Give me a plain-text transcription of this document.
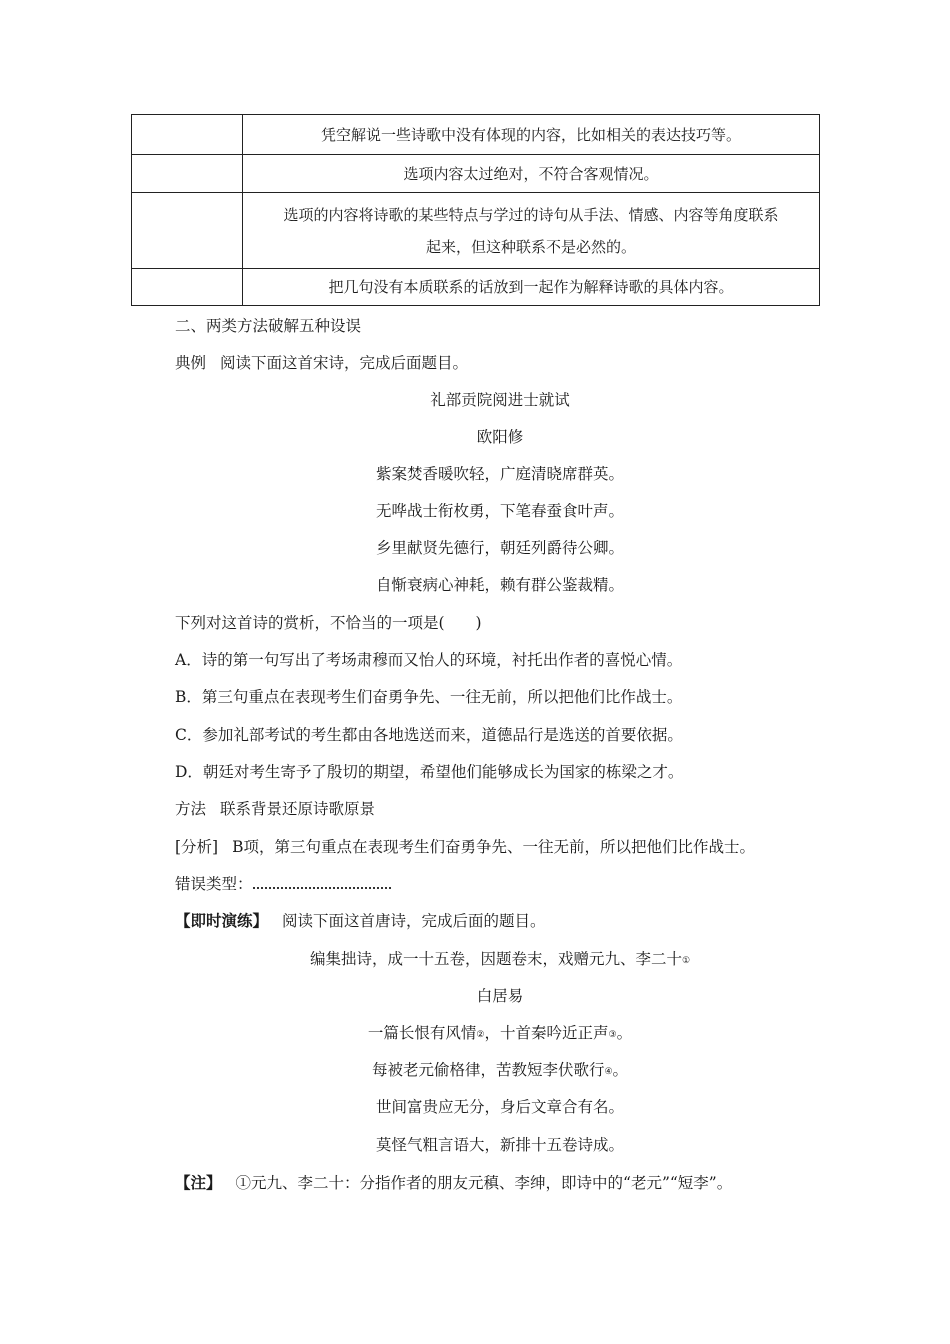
	凭空解说一些诗歌中没有体现的内容，比如相关的表达技巧等。
	选项内容太过绝对，不符合客观情况。

	选项的内容将诗歌的某些特点与学过的诗句从手法、情感、内容等角度联系
起来，但这种联系不是必然的。

	把几句没有本质联系的话放到一起作为解释诗歌的具体内容。
二、两类方法破解五种设误
典例 阅读下面这首宋诗，完成后面题目。
礼部贡院阅进士就试
欧阳修
紫案焚香暖吹轻，广庭清晓席群英。
无哗战士衔枚勇，下笔春蚕食叶声。
乡里献贤先德行，朝廷列爵待公卿。
自惭衰病心神耗，赖有群公鉴裁精。
下列对这首诗的赏析，不恰当的一项是(　　)
A．诗的第一句写出了考场肃穆而又怡人的环境，衬托出作者的喜悦心情。
B．第三句重点在表现考生们奋勇争先、一往无前，所以把他们比作战士。
C．参加礼部考试的考生都由各地选送而来，道德品行是选送的首要依据。
D．朝廷对考生寄予了殷切的期望，希望他们能够成长为国家的栋梁之才。
方法 联系背景还原诗歌原景
[分析] B项，第三句重点在表现考生们奋勇争先、一往无前，所以把他们比作战士。
错误类型：
【即时演练】 阅读下面这首唐诗，完成后面的题目。
编集拙诗，成一十五卷，因题卷末，戏赠元九、李二十①
白居易
一篇长恨有风情②，十首秦吟近正声③。
每被老元偷格律，苦教短李伏歌行④。
世间富贵应无分，身后文章合有名。
莫怪气粗言语大，新排十五卷诗成。
【注】 ①元九、李二十：分指作者的朋友元稹、李绅，即诗中的“老元”“短李”。
